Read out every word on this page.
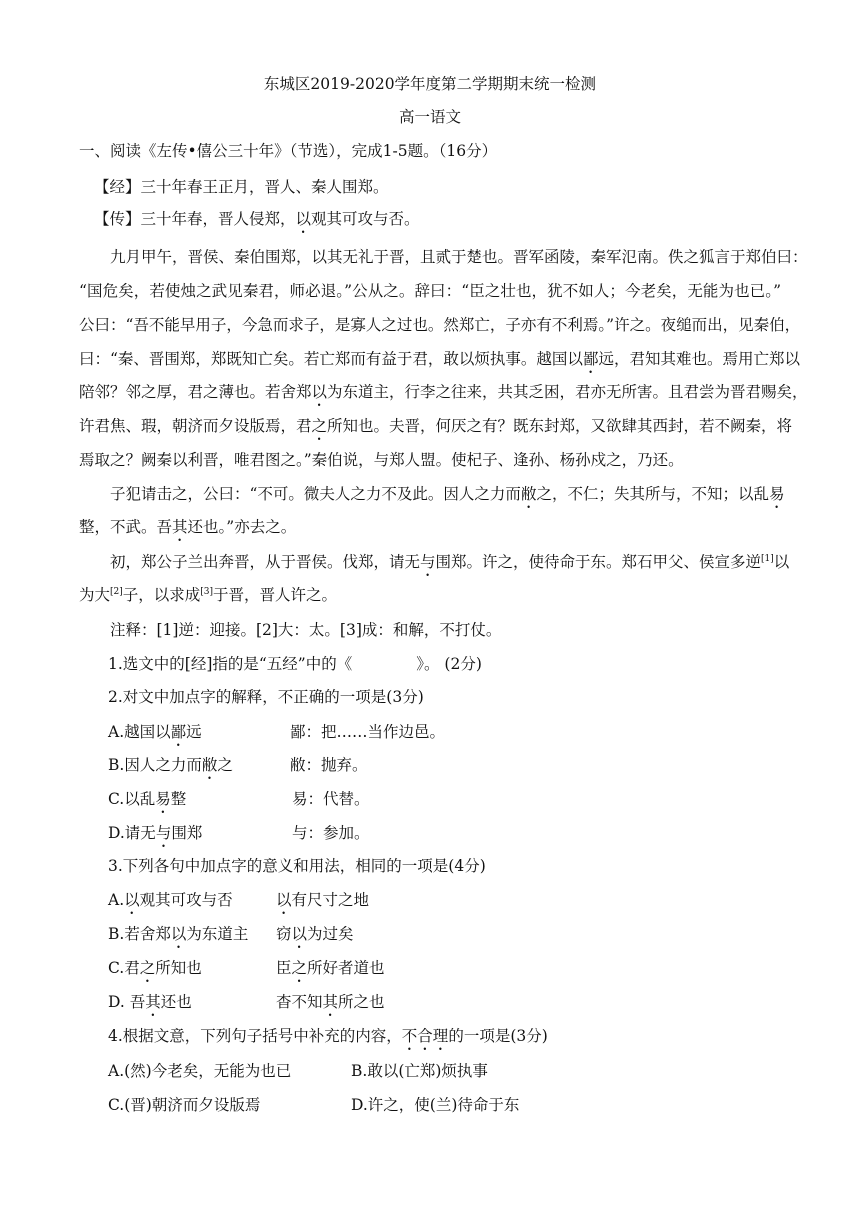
东城区2019-2020学年度第二学期期末统一检测
高一语文
一、阅读《左传•僖公三十年》（节选），完成1-5题。（16分）
【经】三十年春王正月，晋人、秦人围郑。
【传】三十年春，晋人侵郑，以观其可攻与否。
九月甲午，晋侯、秦伯围郑，以其无礼于晋，且贰于楚也。晋军函陵，秦军氾南。佚之狐言于郑伯曰：
“国危矣，若使烛之武见秦君，师必退。”公从之。辞曰：“臣之壮也，犹不如人；今老矣，无能为也已。”
公曰：“吾不能早用子，今急而求子，是寡人之过也。然郑亡，子亦有不利焉。”许之。夜缒而出，见秦伯，
曰：“秦、晋围郑，郑既知亡矣。若亡郑而有益于君，敢以烦执事。越国以鄙远，君知其难也。焉用亡郑以
陪邻？邻之厚，君之薄也。若舍郑以为东道主，行李之往来，共其乏困，君亦无所害。且君尝为晋君赐矣，
许君焦、瑕，朝济而夕设版焉，君之所知也。夫晋，何厌之有？既东封郑，又欲肆其西封，若不阙秦，将
焉取之？阙秦以利晋，唯君图之。”秦伯说，与郑人盟。使杞子、逢孙、杨孙戍之，乃还。
子犯请击之，公曰：“不可。微夫人之力不及此。因人之力而敝之，不仁；失其所与，不知；以乱易
整，不武。吾其还也。”亦去之。
初，郑公子兰出奔晋，从于晋侯。伐郑，请无与围郑。许之，使待命于东。郑石甲父、侯宣多逆[1]以
为大[2]子，以求成[3]于晋，晋人许之。
注释：[1]逆：迎接。[2]大：太。[3]成：和解，不打仗。
1.选文中的[经]指的是“五经”中的《	》。 (2分)
2.对文中加点字的解释，不正确的一项是(3分)
A.越国以鄙远	鄙：把……当作边邑。
B.因人之力而敝之	敝：抛弃。
C.以乱易整	易：代替。
D.请无与围郑	与：参加。
3.下列各句中加点字的意义和用法，相同的一项是(4分)
A.以观其可攻与否	以有尺寸之地
B.若舍郑以为东道主 窃以为过矣
C.君之所知也	臣之所好者道也
D. 吾其还也	杳不知其所之也
4.根据文意，下列句子括号中补充的内容，不合理的一项是(3分)
A.(然)今老矣，无能为也已	B.敢以(亡郑)烦执事
C.(晋)朝济而夕设版焉	D.许之，使(兰)待命于东
